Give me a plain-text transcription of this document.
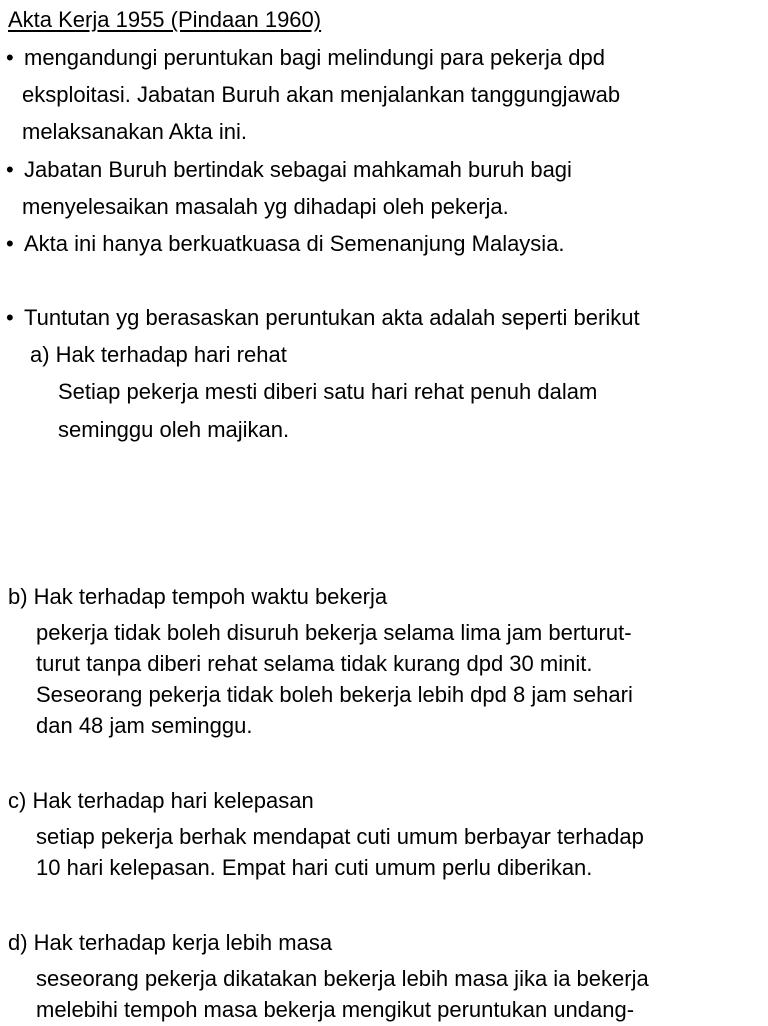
Akta Kerja 1955 (Pindaan 1960)

• mengandungi peruntukan bagi melindungi para pekerja dpd

eksploitasi. Jabatan Buruh akan menjalankan tanggungjawab

melaksanakan Akta ini.

• Jabatan Buruh bertindak sebagai mahkamah buruh bagi

menyelesaikan masalah yg dihadapi oleh pekerja.

• Akta ini hanya berkuatkuasa di Semenanjung Malaysia.

• Tuntutan yg berasaskan peruntukan akta adalah seperti berikut

a) Hak terhadap hari rehat

Setiap pekerja mesti diberi satu hari rehat penuh dalam

seminggu oleh majikan.

b) Hak terhadap tempoh waktu bekerja

pekerja tidak boleh disuruh bekerja selama lima jam berturut-

turut tanpa diberi rehat selama tidak kurang dpd 30 minit.

Seseorang pekerja tidak boleh bekerja lebih dpd 8 jam sehari

dan 48 jam seminggu.

c) Hak terhadap hari kelepasan

setiap pekerja berhak mendapat cuti umum berbayar terhadap

10 hari kelepasan. Empat hari cuti umum perlu diberikan.

d) Hak terhadap kerja lebih masa

seseorang pekerja dikatakan bekerja lebih masa jika ia bekerja

melebihi tempoh masa bekerja mengikut peruntukan undang-
